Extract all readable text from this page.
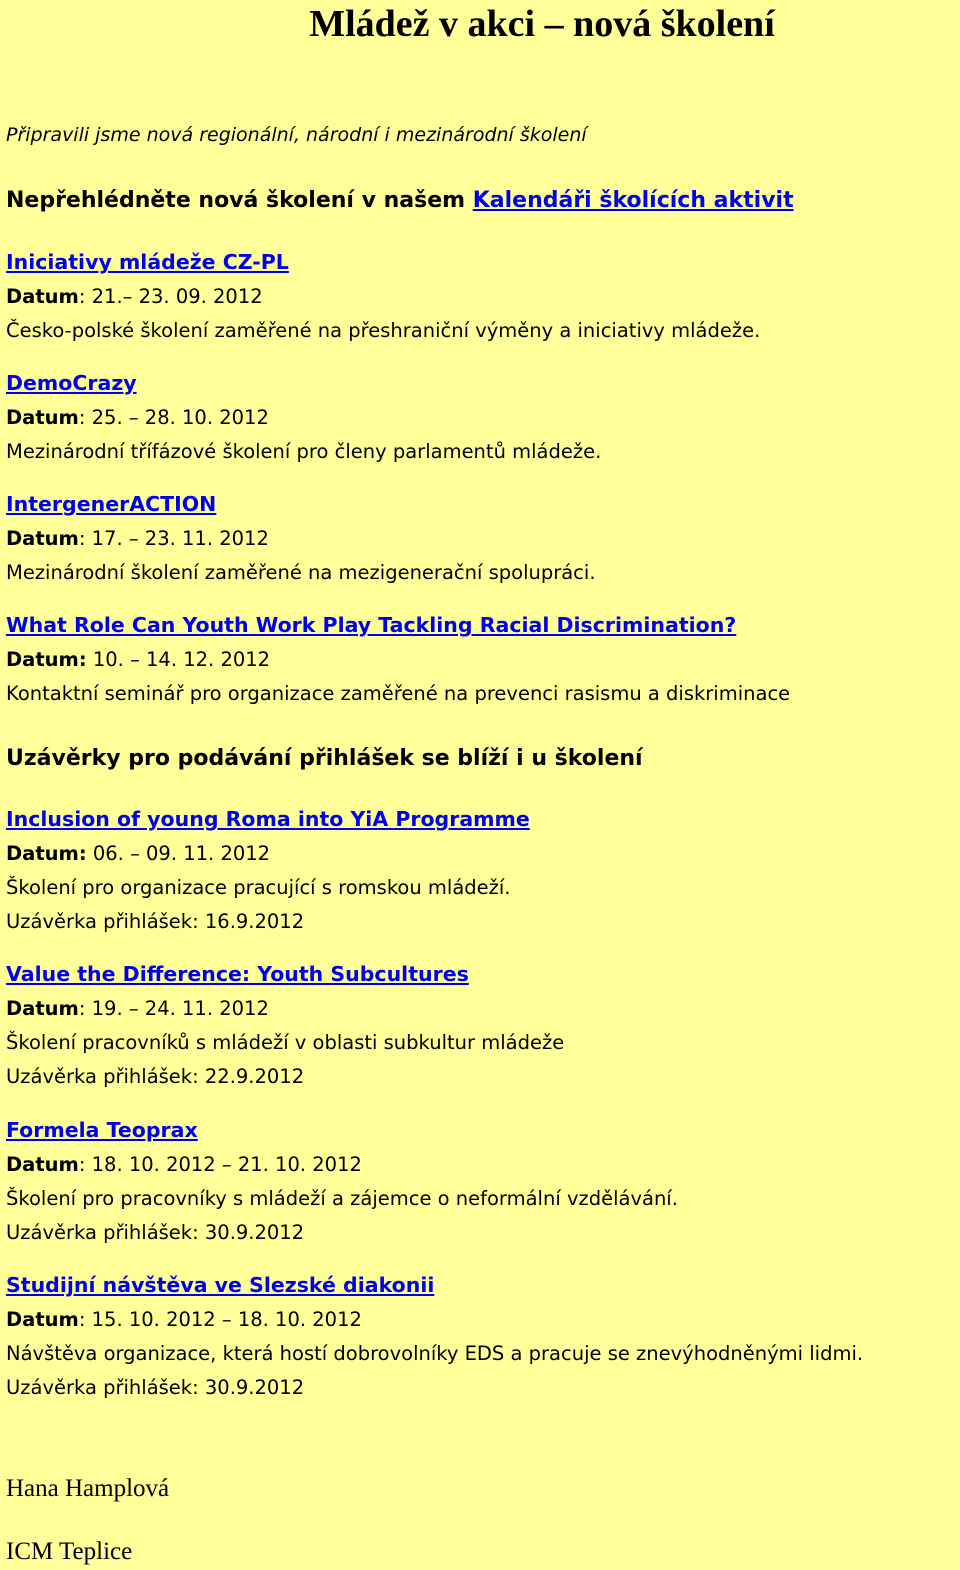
Mládež v akci – nová školení

Připravili jsme nová regionální, národní i mezinárodní školení

Nepřehlédněte nová školení v našem Kalendáři školících aktivit

Iniciativy mládeže CZ-PL
Datum: 21.– 23. 09. 2012
Česko-polské školení zaměřené na přeshraniční výměny a iniciativy mládeže.
DemoCrazy
Datum: 25. – 28. 10. 2012
Mezinárodní třífázové školení pro členy parlamentů mládeže.
IntergenerACTION
Datum: 17. – 23. 11. 2012
Mezinárodní školení zaměřené na mezigenerační spolupráci.
What Role Can Youth Work Play Tackling Racial Discrimination?
Datum: 10. – 14. 12. 2012
Kontaktní seminář pro organizace zaměřené na prevenci rasismu a diskriminace

Uzávěrky pro podávání přihlášek se blíží i u školení

Inclusion of young Roma into YiA Programme
Datum: 06. – 09. 11. 2012
Školení pro organizace pracující s romskou mládeží.
Uzávěrka přihlášek: 16.9.2012
Value the Difference: Youth Subcultures
Datum: 19. – 24. 11. 2012
Školení pracovníků s mládeží v oblasti subkultur mládeže
Uzávěrka přihlášek: 22.9.2012
Formela Teoprax
Datum: 18. 10. 2012 – 21. 10. 2012
Školení pro pracovníky s mládeží a zájemce o neformální vzdělávání.
Uzávěrka přihlášek: 30.9.2012
Studijní návštěva ve Slezské diakonii
Datum: 15. 10. 2012 – 18. 10. 2012
Návštěva organizace, která hostí dobrovolníky EDS a pracuje se znevýhodněnými lidmi.
Uzávěrka přihlášek: 30.9.2012

Hana Hamplová

ICM Teplice
